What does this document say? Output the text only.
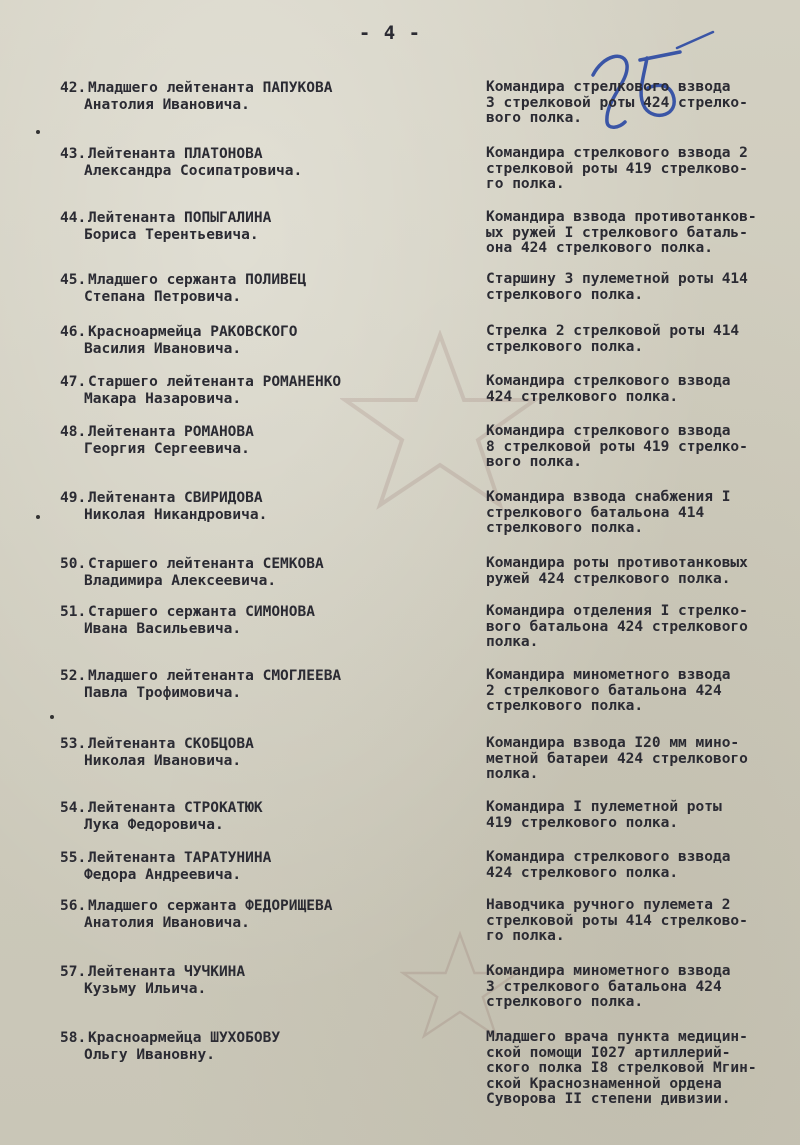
- 4 -
42. Младшего лейтенанта ПАПУКОВА
Анатолия Ивановича.
Командира стрелкового взвода
3 стрелковой роты 424 стрелко-
вого полка.
43. Лейтенанта ПЛАТОНОВА
Александра Сосипатровича.
Командира стрелкового взвода 2
стрелковой роты 419 стрелково-
го полка.
44. Лейтенанта ПОПЫГАЛИНА
Бориса Терентьевича.
Командира взвода противотанков-
ых ружей I стрелкового баталь-
она 424 стрелкового полка.
45. Младшего сержанта ПОЛИВЕЦ
Степана Петровича.
Старшину 3 пулеметной роты 414
стрелкового полка.
46. Красноармейца РАКОВСКОГО
Василия Ивановича.
Стрелка 2 стрелковой роты 414
стрелкового полка.
47. Старшего лейтенанта РОМАНЕНКО
Макара Назаровича.
Командира стрелкового взвода
424 стрелкового полка.
48. Лейтенанта РОМАНОВА
Георгия Сергеевича.
Командира стрелкового взвода
8 стрелковой роты 419 стрелко-
вого полка.
49. Лейтенанта СВИРИДОВА
Николая Никандровича.
Командира взвода снабжения I
стрелкового батальона 414
стрелкового полка.
50. Старшего лейтенанта СЕМКОВА
Владимира Алексеевича.
Командира роты противотанковых
ружей 424 стрелкового полка.
51. Старшего сержанта СИМОНОВА
Ивана Васильевича.
Командира отделения I стрелко-
вого батальона 424 стрелкового
полка.
52. Младшего лейтенанта СМОГЛЕЕВА
Павла Трофимовича.
Командира минометного взвода
2 стрелкового батальона 424
стрелкового полка.
53. Лейтенанта СКОБЦОВА
Николая Ивановича.
Командира взвода I20 мм мино-
метной батареи 424 стрелкового
полка.
54. Лейтенанта СТРОКАТЮК
Лука Федоровича.
Командира I пулеметной роты
419 стрелкового полка.
55. Лейтенанта ТАРАТУНИНА
Федора Андреевича.
Командира стрелкового взвода
424 стрелкового полка.
56. Младшего сержанта ФЕДОРИЩЕВА
Анатолия Ивановича.
Наводчика ручного пулемета 2
стрелковой роты 414 стрелково-
го полка.
57. Лейтенанта ЧУЧКИНА
Кузьму Ильича.
Командира минометного взвода
3 стрелкового батальона 424
стрелкового полка.
58. Красноармейца ШУХОБОВУ
Ольгу Ивановну.
Младшего врача пункта медицин-
ской помощи I027 артиллерий-
ского полка I8 стрелковой Мгин-
ской Краснознаменной ордена
Суворова II степени дивизии.
